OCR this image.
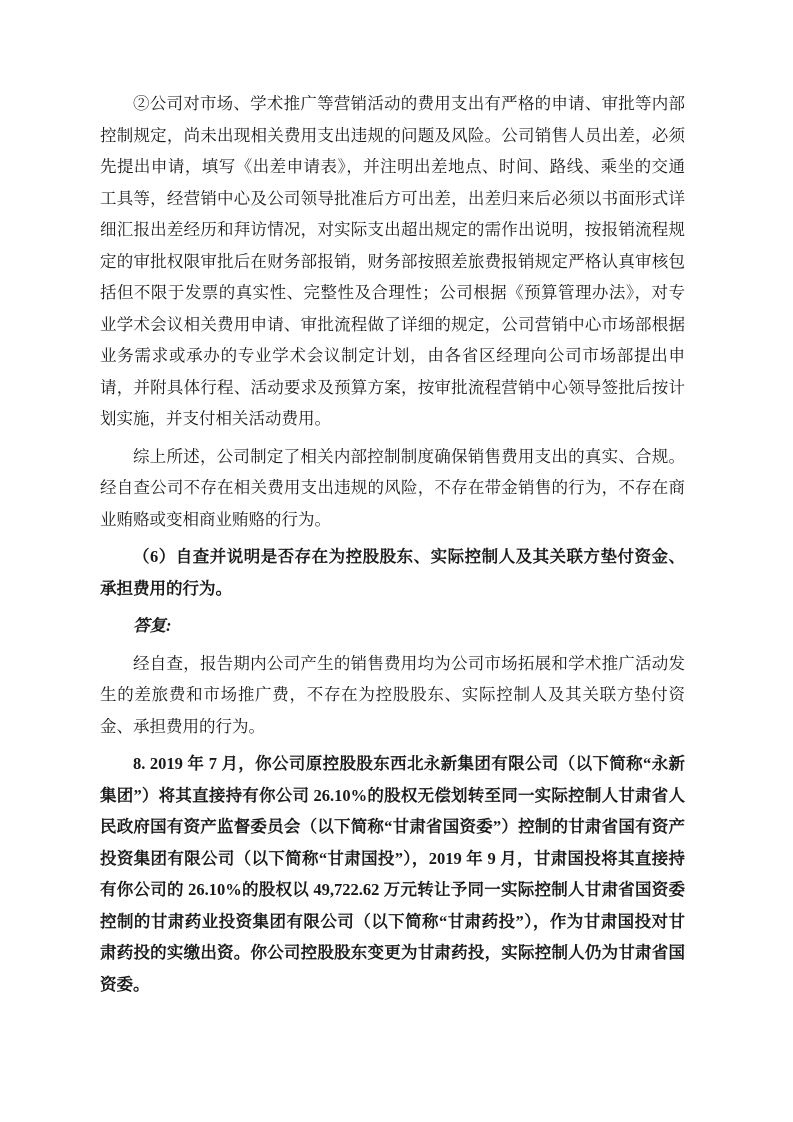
②公司对市场、学术推广等营销活动的费用支出有严格的申请、审批等内部控制规定，尚未出现相关费用支出违规的问题及风险。公司销售人员出差，必须先提出申请，填写《出差申请表》，并注明出差地点、时间、路线、乘坐的交通工具等，经营销中心及公司领导批准后方可出差，出差归来后必须以书面形式详细汇报出差经历和拜访情况，对实际支出超出规定的需作出说明，按报销流程规定的审批权限审批后在财务部报销，财务部按照差旅费报销规定严格认真审核包括但不限于发票的真实性、完整性及合理性；公司根据《预算管理办法》，对专业学术会议相关费用申请、审批流程做了详细的规定，公司营销中心市场部根据业务需求或承办的专业学术会议制定计划，由各省区经理向公司市场部提出申请，并附具体行程、活动要求及预算方案，按审批流程营销中心领导签批后按计划实施，并支付相关活动费用。

综上所述，公司制定了相关内部控制制度确保销售费用支出的真实、合规。经自查公司不存在相关费用支出违规的风险，不存在带金销售的行为，不存在商业贿赂或变相商业贿赂的行为。

（6）自查并说明是否存在为控股股东、实际控制人及其关联方垫付资金、承担费用的行为。

答复:

经自查，报告期内公司产生的销售费用均为公司市场拓展和学术推广活动发生的差旅费和市场推广费，不存在为控股股东、实际控制人及其关联方垫付资金、承担费用的行为。

8. 2019 年 7 月，你公司原控股股东西北永新集团有限公司（以下简称“永新集团”）将其直接持有你公司 26.10%的股权无偿划转至同一实际控制人甘肃省人民政府国有资产监督委员会（以下简称“甘肃省国资委”）控制的甘肃省国有资产投资集团有限公司（以下简称“甘肃国投”），2019 年 9 月，甘肃国投将其直接持有你公司的 26.10%的股权以 49,722.62 万元转让予同一实际控制人甘肃省国资委控制的甘肃药业投资集团有限公司（以下简称“甘肃药投”），作为甘肃国投对甘肃药投的实缴出资。你公司控股股东变更为甘肃药投，实际控制人仍为甘肃省国资委。
